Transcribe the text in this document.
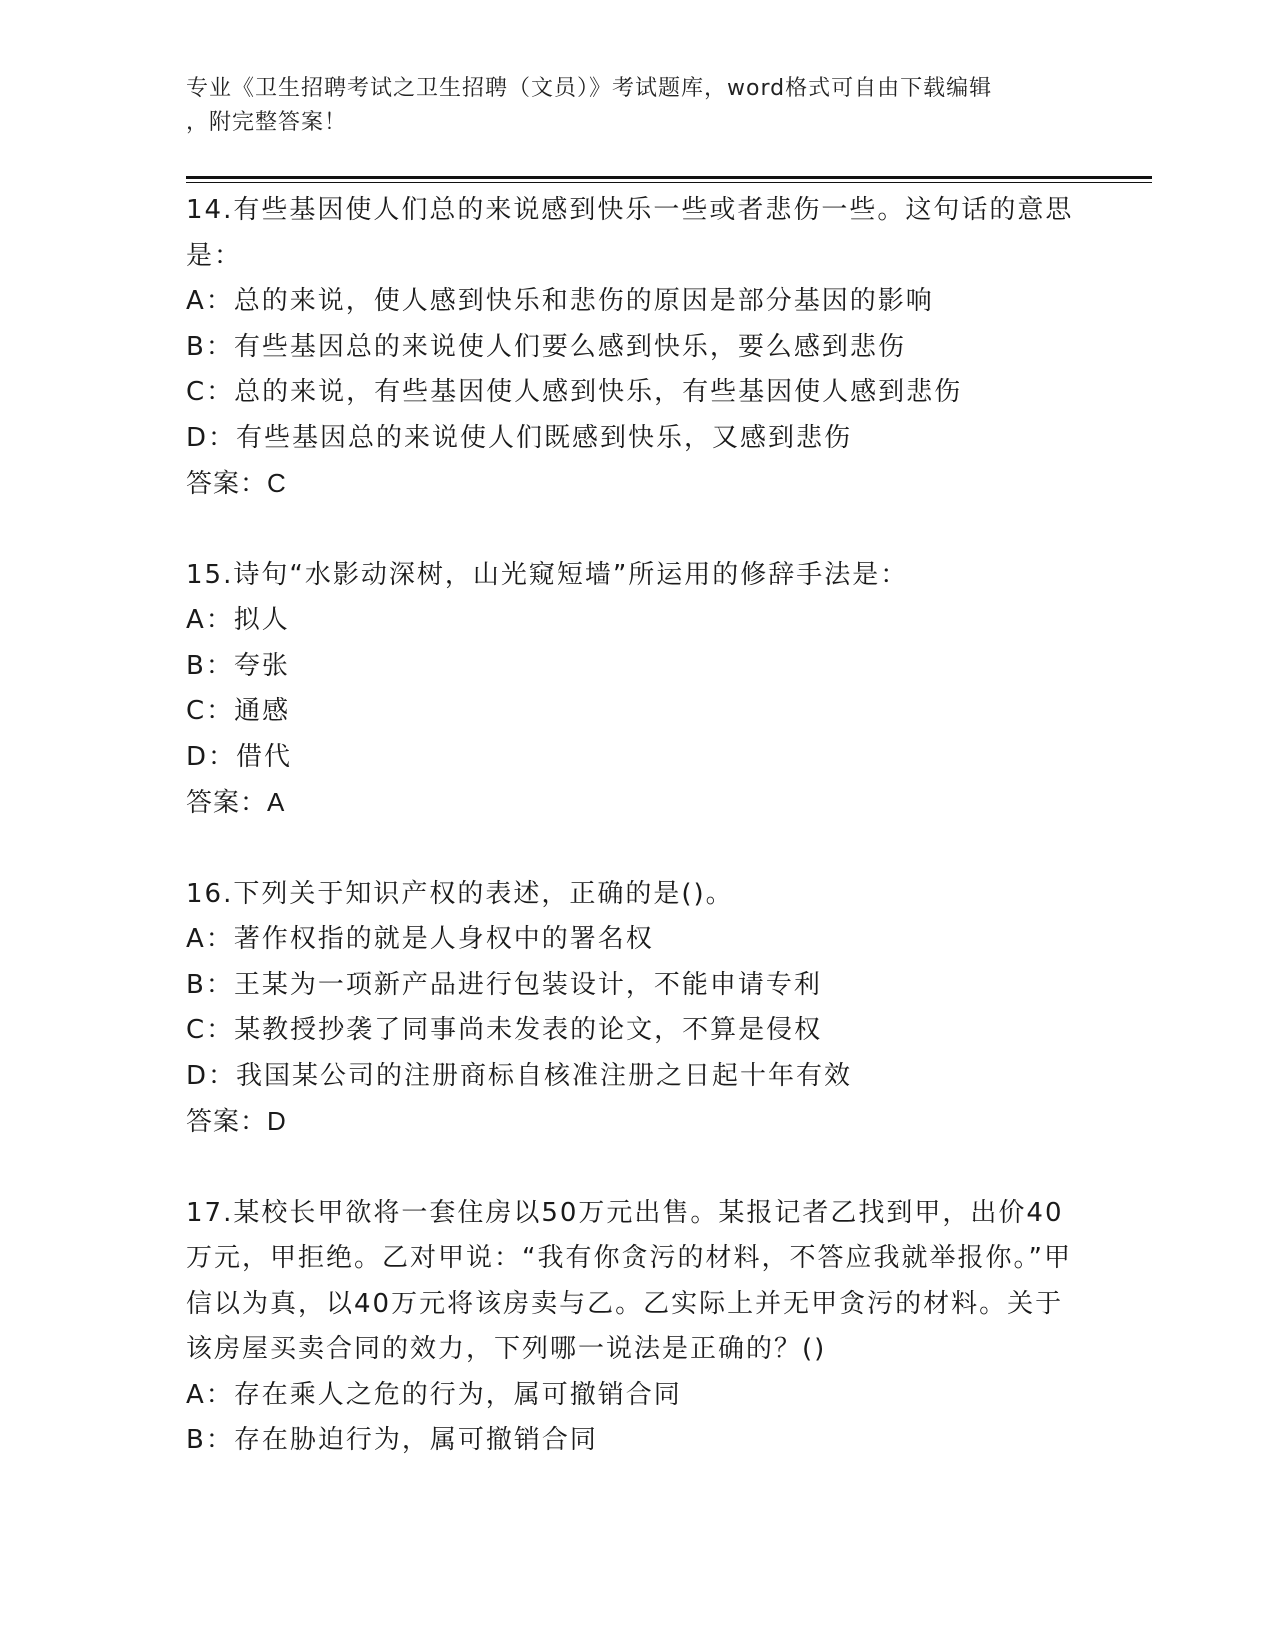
专业《卫生招聘考试之卫生招聘（文员）》考试题库，word格式可自由下载编辑
，附完整答案！

14.有些基因使人们总的来说感到快乐一些或者悲伤一些。这句话的意思是：

A：总的来说，使人感到快乐和悲伤的原因是部分基因的影响

B：有些基因总的来说使人们要么感到快乐，要么感到悲伤

C：总的来说，有些基因使人感到快乐，有些基因使人感到悲伤

D：有些基因总的来说使人们既感到快乐，又感到悲伤

答案：C

15.诗句“水影动深树，山光窥短墙”所运用的修辞手法是：

A：拟人

B：夸张

C：通感

D：借代

答案：A

16.下列关于知识产权的表述，正确的是()。

A：著作权指的就是人身权中的署名权

B：王某为一项新产品进行包装设计，不能申请专利

C：某教授抄袭了同事尚未发表的论文，不算是侵权

D：我国某公司的注册商标自核准注册之日起十年有效

答案：D

17.某校长甲欲将一套住房以50万元出售。某报记者乙找到甲，出价40万元，甲拒绝。乙对甲说：“我有你贪污的材料，不答应我就举报你。”甲信以为真，以40万元将该房卖与乙。乙实际上并无甲贪污的材料。关于该房屋买卖合同的效力，下列哪一说法是正确的？()

A：存在乘人之危的行为，属可撤销合同

B：存在胁迫行为，属可撤销合同
